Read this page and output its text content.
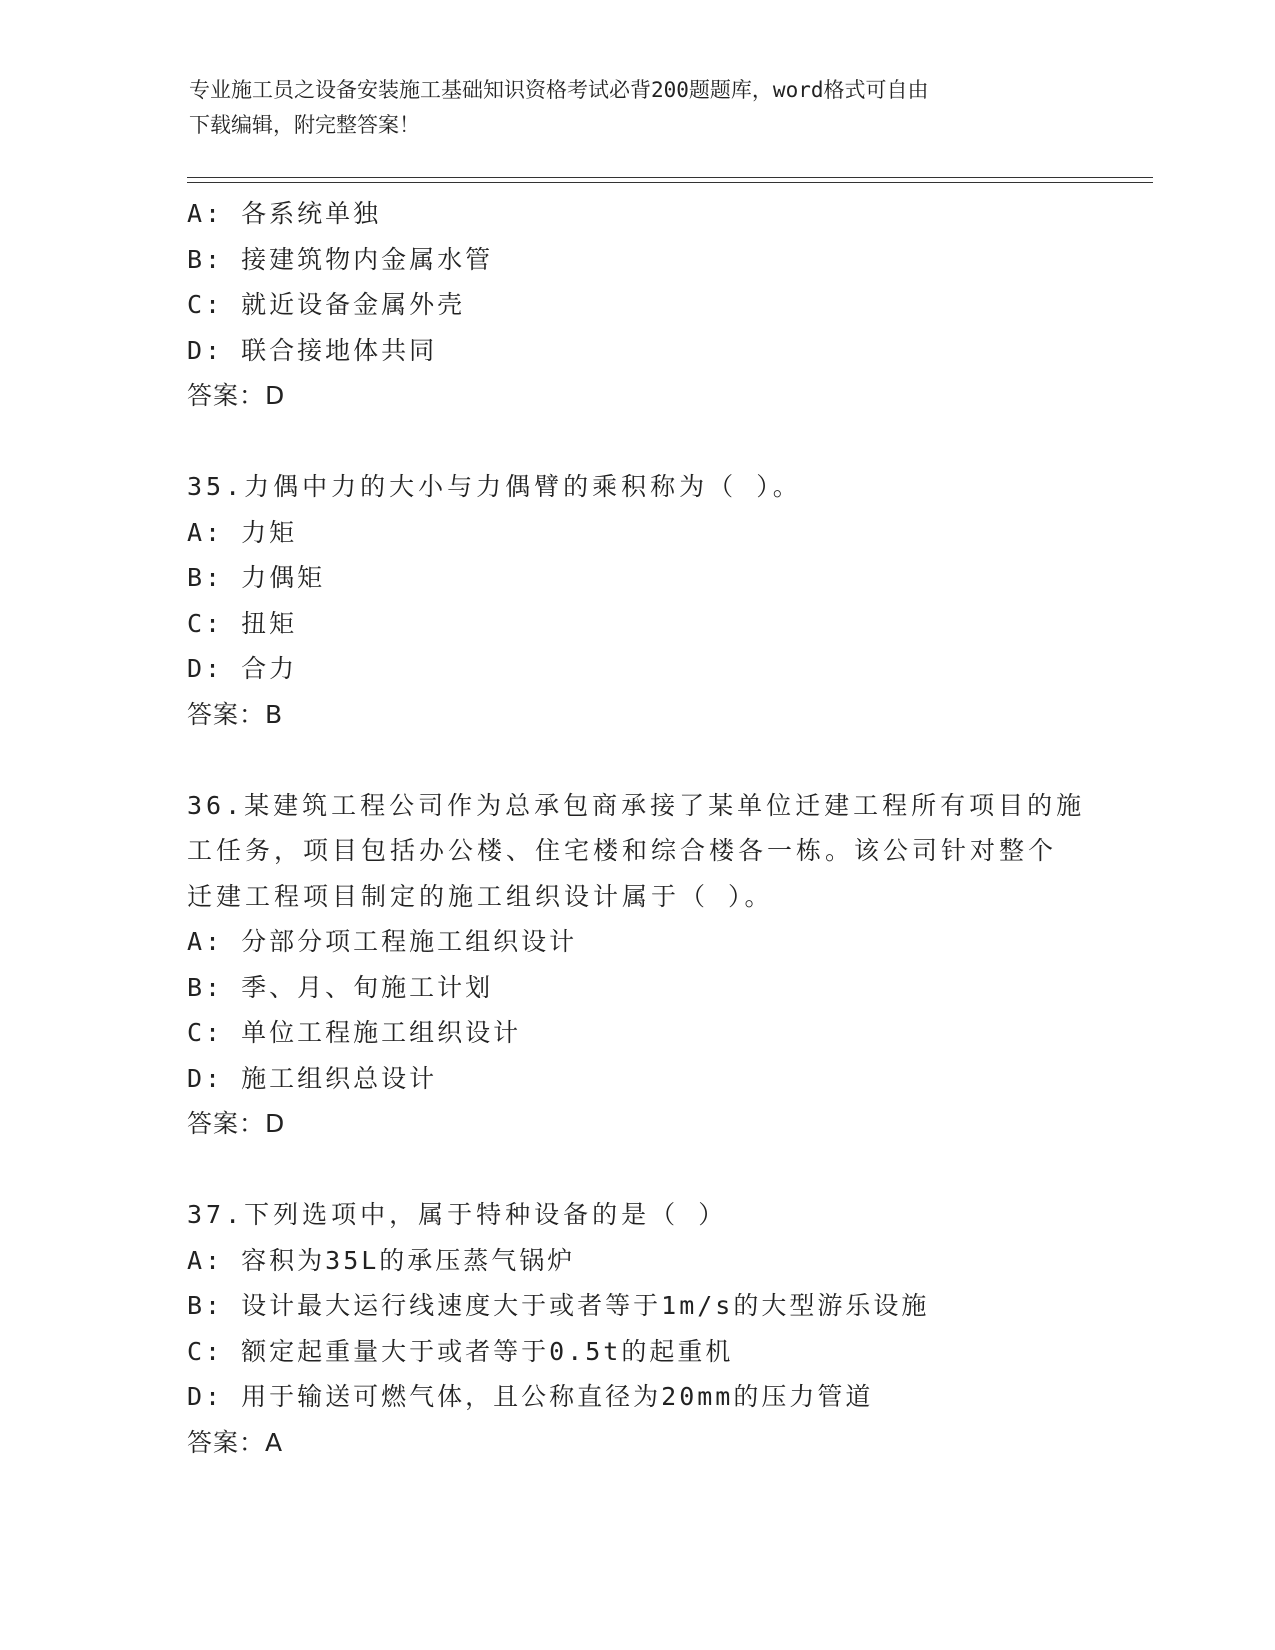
专业施工员之设备安装施工基础知识资格考试必背200题题库，word格式可自由
下载编辑，附完整答案！
A: 各系统单独
B: 接建筑物内金属水管
C: 就近设备金属外壳
D: 联合接地体共同
答案：D
35.力偶中力的大小与力偶臂的乘积称为（ ）。
A: 力矩
B: 力偶矩
C: 扭矩
D: 合力
答案：B
36.某建筑工程公司作为总承包商承接了某单位迁建工程所有项目的施
工任务，项目包括办公楼、住宅楼和综合楼各一栋。该公司针对整个
迁建工程项目制定的施工组织设计属于（ ）。
A: 分部分项工程施工组织设计
B: 季、月、旬施工计划
C: 单位工程施工组织设计
D: 施工组织总设计
答案：D
37.下列选项中，属于特种设备的是（ ）
A: 容积为35L的承压蒸气锅炉
B: 设计最大运行线速度大于或者等于1m/s的大型游乐设施
C: 额定起重量大于或者等于0.5t的起重机
D: 用于输送可燃气体，且公称直径为20mm的压力管道
答案：A
